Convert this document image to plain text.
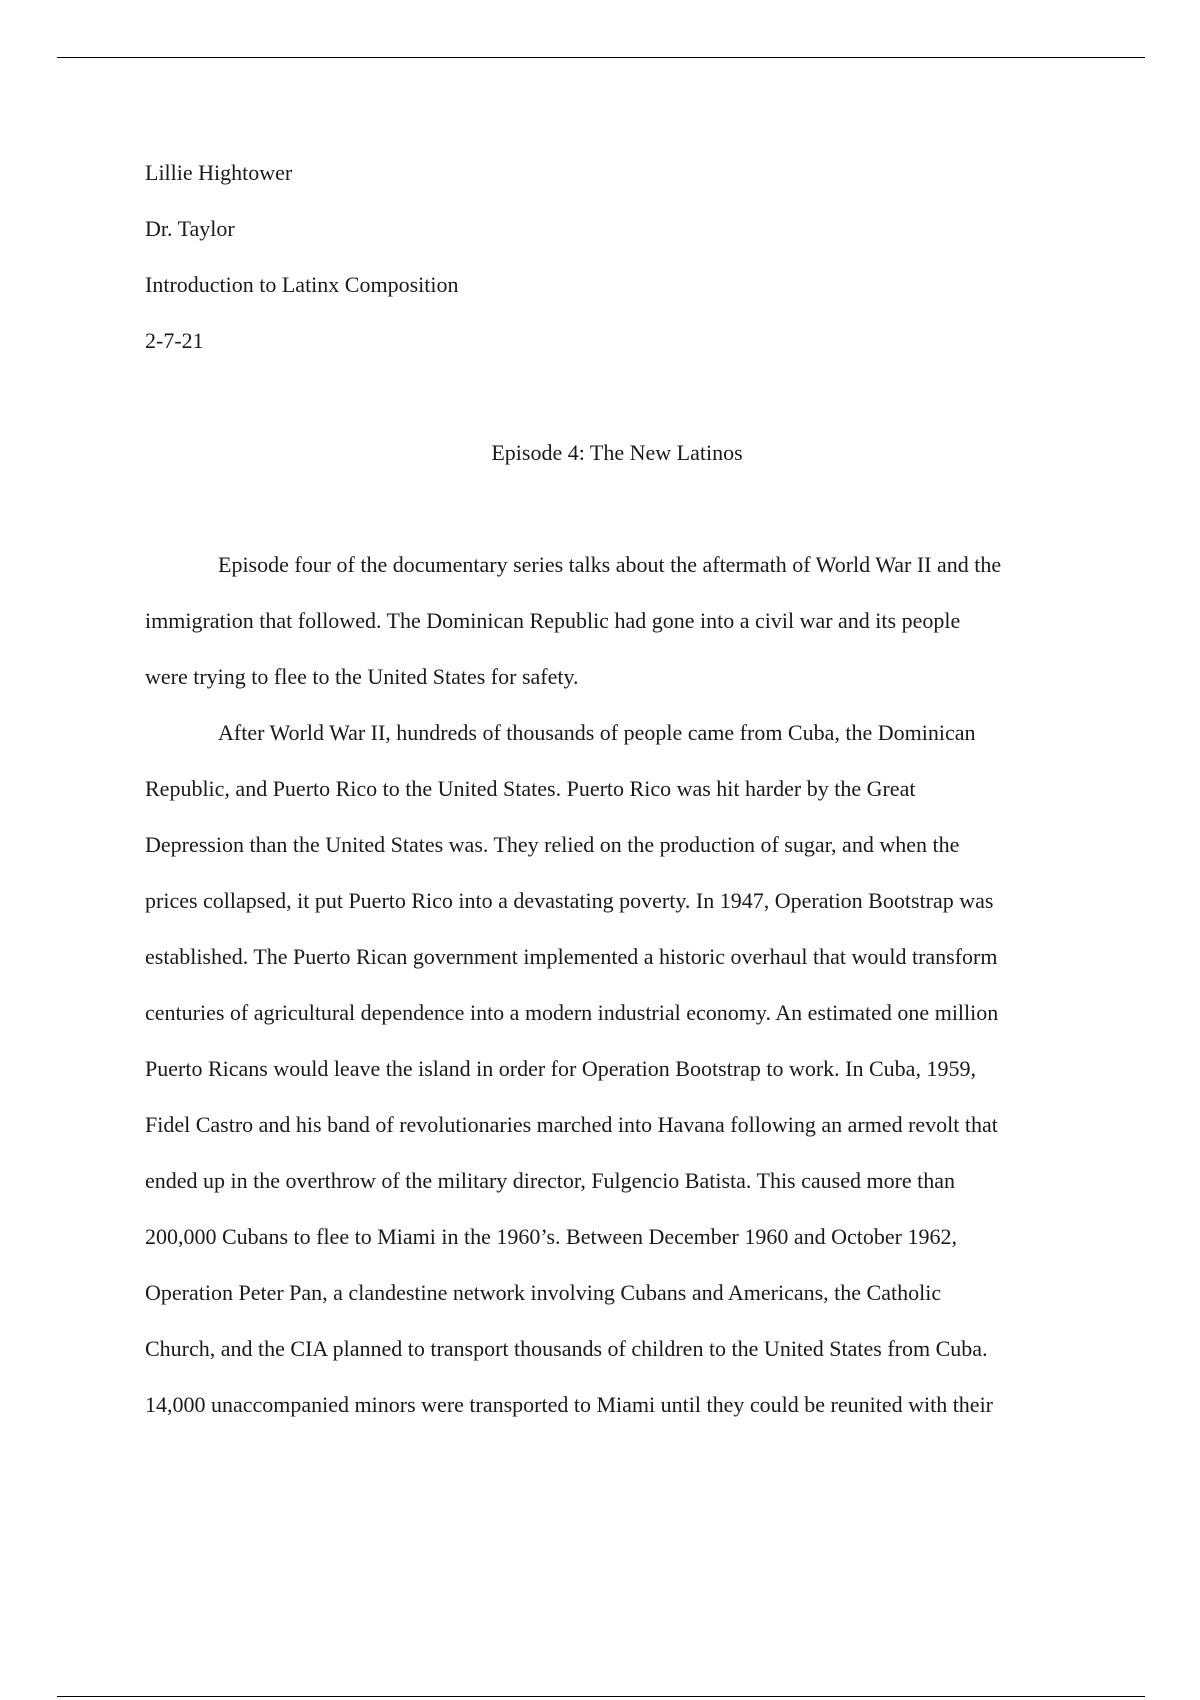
Lillie Hightower
Dr. Taylor
Introduction to Latinx Composition
2-7-21
Episode 4: The New Latinos
Episode four of the documentary series talks about the aftermath of World War II and the
immigration that followed. The Dominican Republic had gone into a civil war and its people
were trying to flee to the United States for safety.
After World War II, hundreds of thousands of people came from Cuba, the Dominican
Republic, and Puerto Rico to the United States. Puerto Rico was hit harder by the Great
Depression than the United States was. They relied on the production of sugar, and when the
prices collapsed, it put Puerto Rico into a devastating poverty. In 1947, Operation Bootstrap was
established. The Puerto Rican government implemented a historic overhaul that would transform
centuries of agricultural dependence into a modern industrial economy. An estimated one million
Puerto Ricans would leave the island in order for Operation Bootstrap to work. In Cuba, 1959,
Fidel Castro and his band of revolutionaries marched into Havana following an armed revolt that
ended up in the overthrow of the military director, Fulgencio Batista. This caused more than
200,000 Cubans to flee to Miami in the 1960’s. Between December 1960 and October 1962,
Operation Peter Pan, a clandestine network involving Cubans and Americans, the Catholic
Church, and the CIA planned to transport thousands of children to the United States from Cuba.
14,000 unaccompanied minors were transported to Miami until they could be reunited with their
